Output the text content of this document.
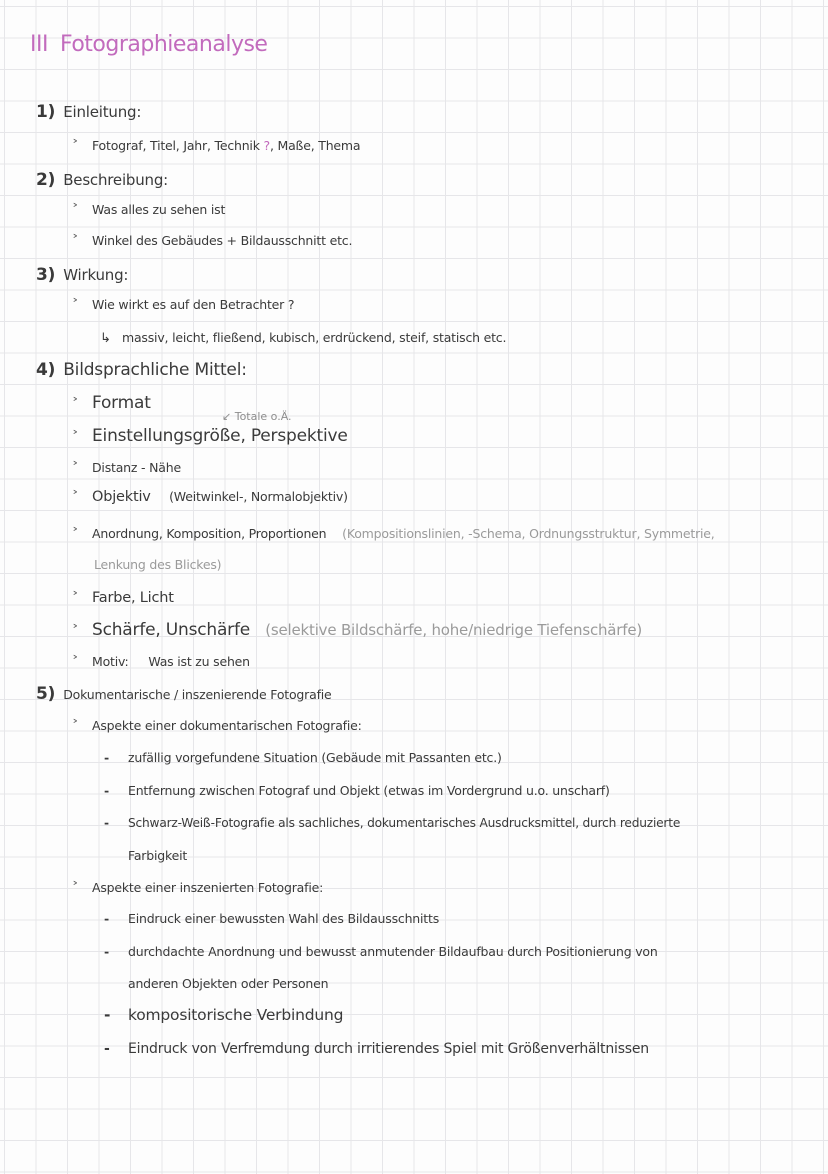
III Fotographieanalyse
1) Einleitung:
˃ Fotograf, Titel, Jahr, Technik ?, Maße, Thema
2) Beschreibung:
˃ Was alles zu sehen ist
˃ Winkel des Gebäudes + Bildausschnitt etc.
3) Wirkung:
˃ Wie wirkt es auf den Betrachter ?
↳ massiv, leicht, fließend, kubisch, erdrückend, steif, statisch etc.
4) Bildsprachliche Mittel:
˃ Format
↙ Totale o.Ä.
˃ Einstellungsgröße, Perspektive
˃ Distanz - Nähe
˃ Objektiv (Weitwinkel-, Normalobjektiv)
˃ Anordnung, Komposition, Proportionen (Kompositionslinien, -Schema, Ordnungsstruktur, Symmetrie,
Lenkung des Blickes)
˃ Farbe, Licht
˃ Schärfe, Unschärfe (selektive Bildschärfe, hohe/niedrige Tiefenschärfe)
˃ Motiv: Was ist zu sehen
5) Dokumentarische / inszenierende Fotografie
˃ Aspekte einer dokumentarischen Fotografie:
- zufällig vorgefundene Situation (Gebäude mit Passanten etc.)
- Entfernung zwischen Fotograf und Objekt (etwas im Vordergrund u.o. unscharf)
- Schwarz-Weiß-Fotografie als sachliches, dokumentarisches Ausdrucksmittel, durch reduzierte
Farbigkeit
˃ Aspekte einer inszenierten Fotografie:
- Eindruck einer bewussten Wahl des Bildausschnitts
- durchdachte Anordnung und bewusst anmutender Bildaufbau durch Positionierung von
anderen Objekten oder Personen
- kompositorische Verbindung
- Eindruck von Verfremdung durch irritierendes Spiel mit Größenverhältnissen
